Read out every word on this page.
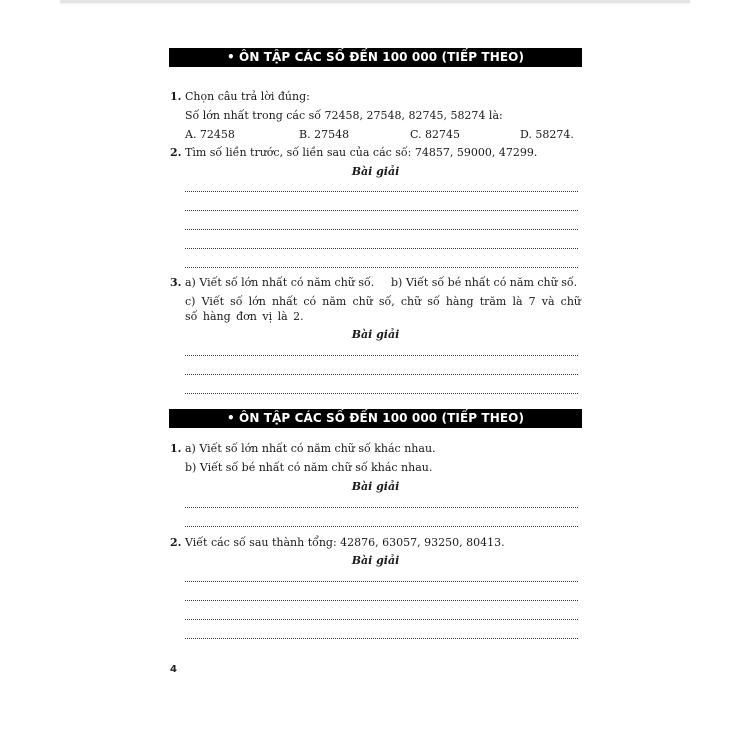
• ÔN TẬP CÁC SỐ ĐẾN 100 000 (TIẾP THEO)
1. Chọn câu trả lời đúng:
Số lớn nhất trong các số 72458, 27548, 82745, 58274 là:
A. 72458	B. 27548	C. 82745	D. 58274.
2. Tìm số liền trước, số liền sau của các số: 74857, 59000, 47299.
Bài giải
3. a) Viết số lớn nhất có năm chữ số. b) Viết số bé nhất có năm chữ số.
c) Viết số lớn nhất có năm chữ số, chữ số hàng trăm là 7 và chữ số hàng đơn vị là 2.
Bài giải
• ÔN TẬP CÁC SỐ ĐẾN 100 000 (TIẾP THEO)
1. a) Viết số lớn nhất có năm chữ số khác nhau.
b) Viết số bé nhất có năm chữ số khác nhau.
Bài giải
2. Viết các số sau thành tổng: 42876, 63057, 93250, 80413.
Bài giải
4
